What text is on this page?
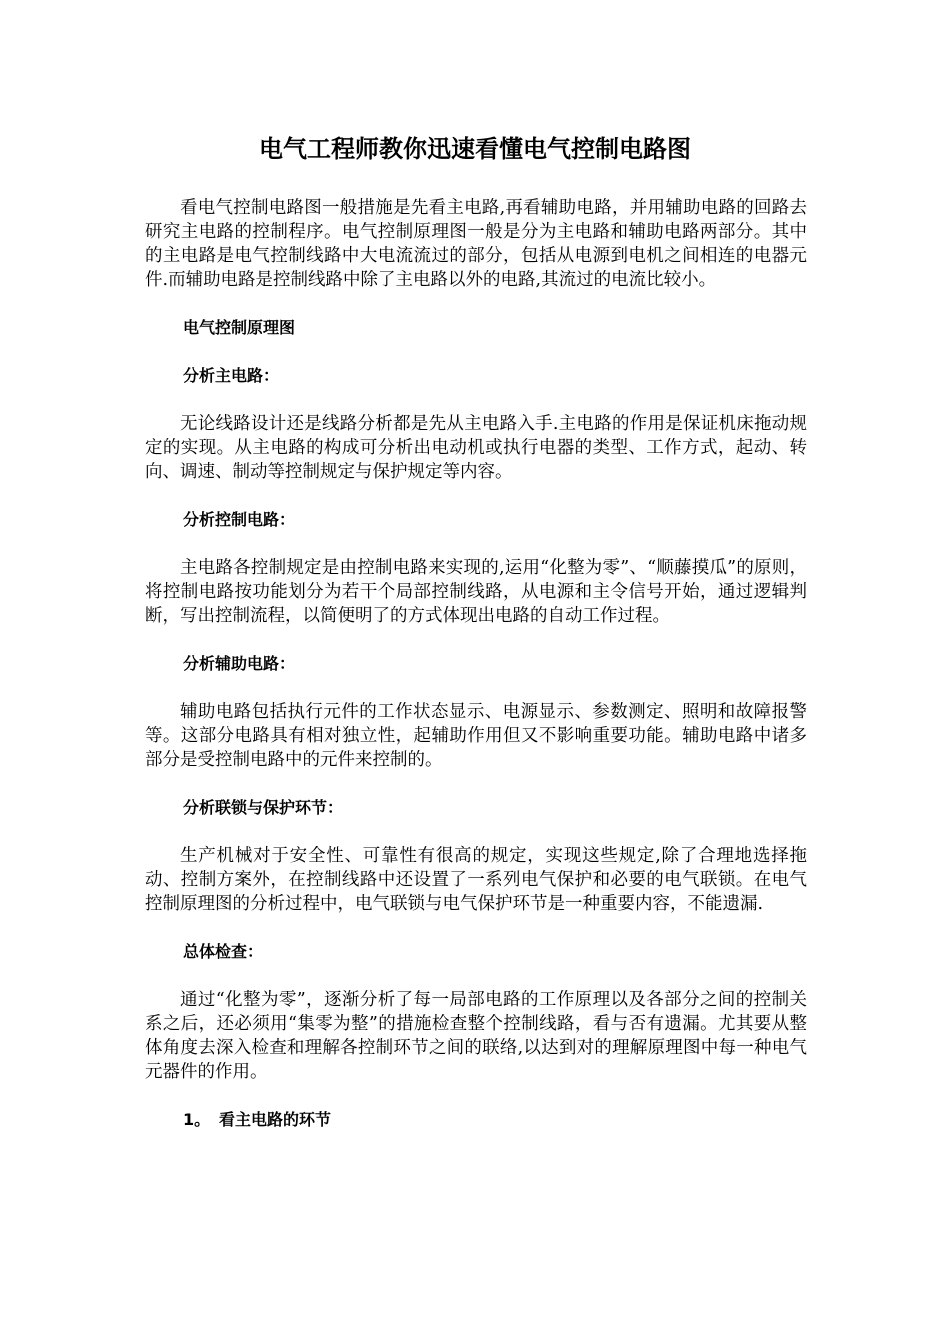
电气工程师教你迅速看懂电气控制电路图

看电气控制电路图一般措施是先看主电路,再看辅助电路，并用辅助电路的回路去研究主电路的控制程序。电气控制原理图一般是分为主电路和辅助电路两部分。其中的主电路是电气控制线路中大电流流过的部分，包括从电源到电机之间相连的电器元件.而辅助电路是控制线路中除了主电路以外的电路,其流过的电流比较小。

电气控制原理图

分析主电路：

无论线路设计还是线路分析都是先从主电路入手.主电路的作用是保证机床拖动规定的实现。从主电路的构成可分析出电动机或执行电器的类型、工作方式，起动、转向、调速、制动等控制规定与保护规定等内容。

分析控制电路：

主电路各控制规定是由控制电路来实现的,运用“化整为零”、“顺藤摸瓜”的原则，将控制电路按功能划分为若干个局部控制线路，从电源和主令信号开始，通过逻辑判断，写出控制流程，以简便明了的方式体现出电路的自动工作过程。

分析辅助电路：

辅助电路包括执行元件的工作状态显示、电源显示、参数测定、照明和故障报警等。这部分电路具有相对独立性，起辅助作用但又不影响重要功能。辅助电路中诸多部分是受控制电路中的元件来控制的。

分析联锁与保护环节：

生产机械对于安全性、可靠性有很高的规定，实现这些规定,除了合理地选择拖动、控制方案外，在控制线路中还设置了一系列电气保护和必要的电气联锁。在电气控制原理图的分析过程中，电气联锁与电气保护环节是一种重要内容，不能遗漏.

总体检查：

通过“化整为零”，逐渐分析了每一局部电路的工作原理以及各部分之间的控制关系之后，还必须用“集零为整”的措施检查整个控制线路，看与否有遗漏。尤其要从整体角度去深入检查和理解各控制环节之间的联络,以达到对的理解原理图中每一种电气元器件的作用。

1。 看主电路的环节
